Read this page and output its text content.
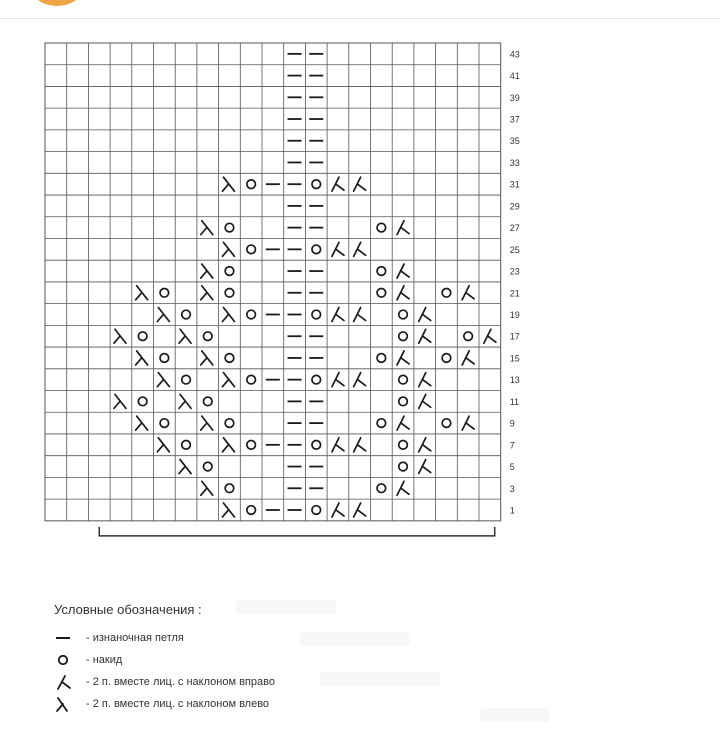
43
41
39
37
35
33
31
29
27
25
23
21
19
17
15
13
11
9
7
5
3
1
Условные обозначения :
- изнаночная петля
- накид
- 2 п. вместе лиц. с наклоном вправо
- 2 п. вместе лиц. с наклоном влево
